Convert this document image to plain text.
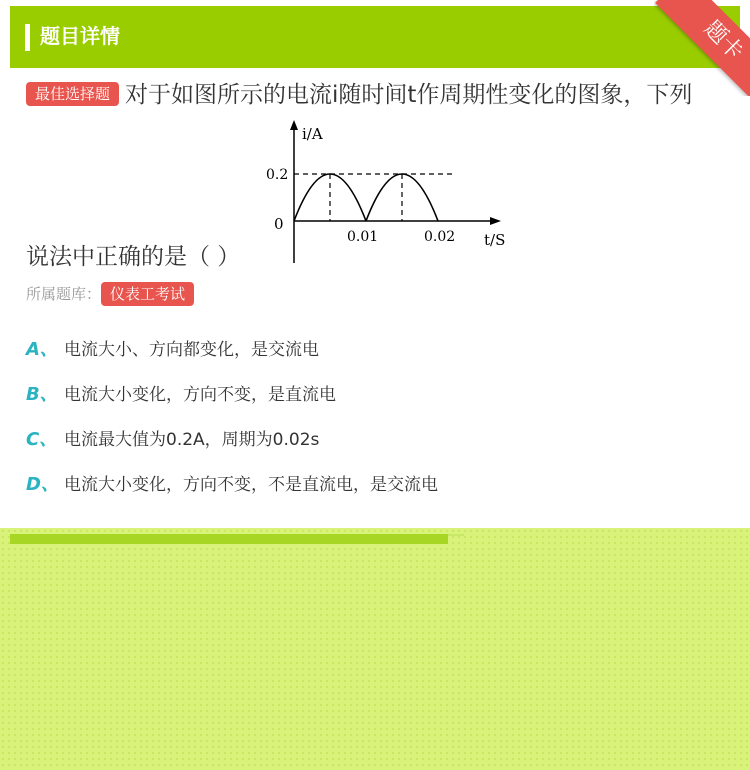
题目详情	题卡
最佳选择题 对于如图所示的电流i随时间t作周期性变化的图象，下列
i/A
0.2
0
0.01	0.02 t/S
说法中正确的是（ ）
所属题库： 仪表工考试
A、 电流大小、方向都变化，是交流电
B、 电流大小变化，方向不变，是直流电
C、 电流最大值为0.2A，周期为0.02s
D、 电流大小变化，方向不变，不是直流电，是交流电
